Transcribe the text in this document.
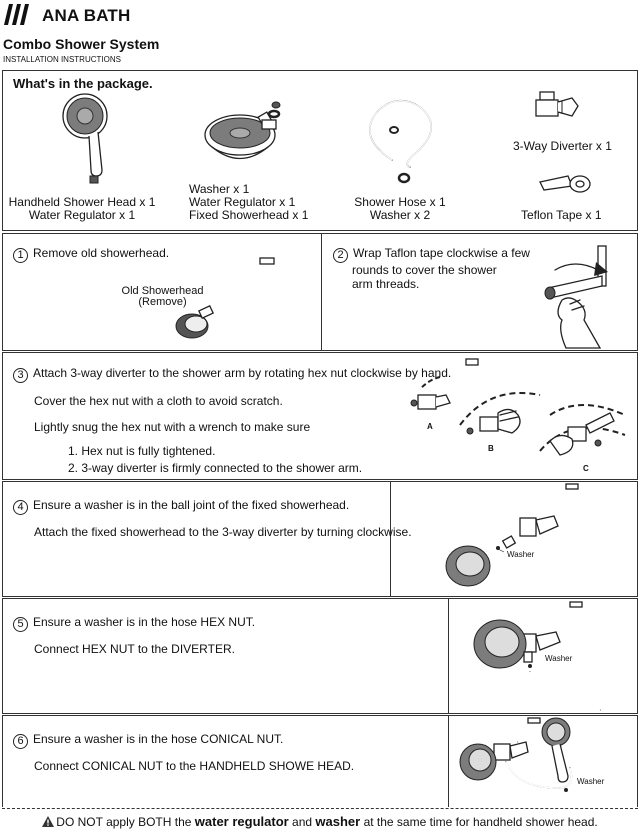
ANA BATH
Combo Shower System
INSTALLATION INSTRUCTIONS
What's in the package.
Handheld Shower Head x 1
Water Regulator x 1
Washer x 1
Water Regulator x 1
Fixed Showerhead x 1
Shower Hose x 1
Washer x 2
3-Way Diverter x 1
Teflon Tape x 1
1 Remove old showerhead.
Old Showerhead
(Remove)
2 Wrap Taflon tape clockwise a few
rounds to cover the shower
arm threads.
3 Attach 3-way diverter to the shower arm by rotating hex nut clockwise by hand.
Cover the hex nut with a cloth to avoid scratch.
Lightly snug the hex nut with a wrench to make sure
1. Hex nut is fully tightened.
2. 3-way diverter is firmly connected to the shower arm.
A
B
C
4 Ensure a washer is in the ball joint of the fixed showerhead.
Attach the fixed showerhead to the 3-way diverter by turning clockwise.
Washer
5 Ensure a washer is in the hose HEX NUT.
Connect HEX NUT to the DIVERTER.
Washer
6 Ensure a washer is in the hose CONICAL NUT.
Connect CONICAL NUT to the HANDHELD SHOWE HEAD.
Washer
DO NOT apply BOTH the water regulator and washer at the same time for handheld shower head.
